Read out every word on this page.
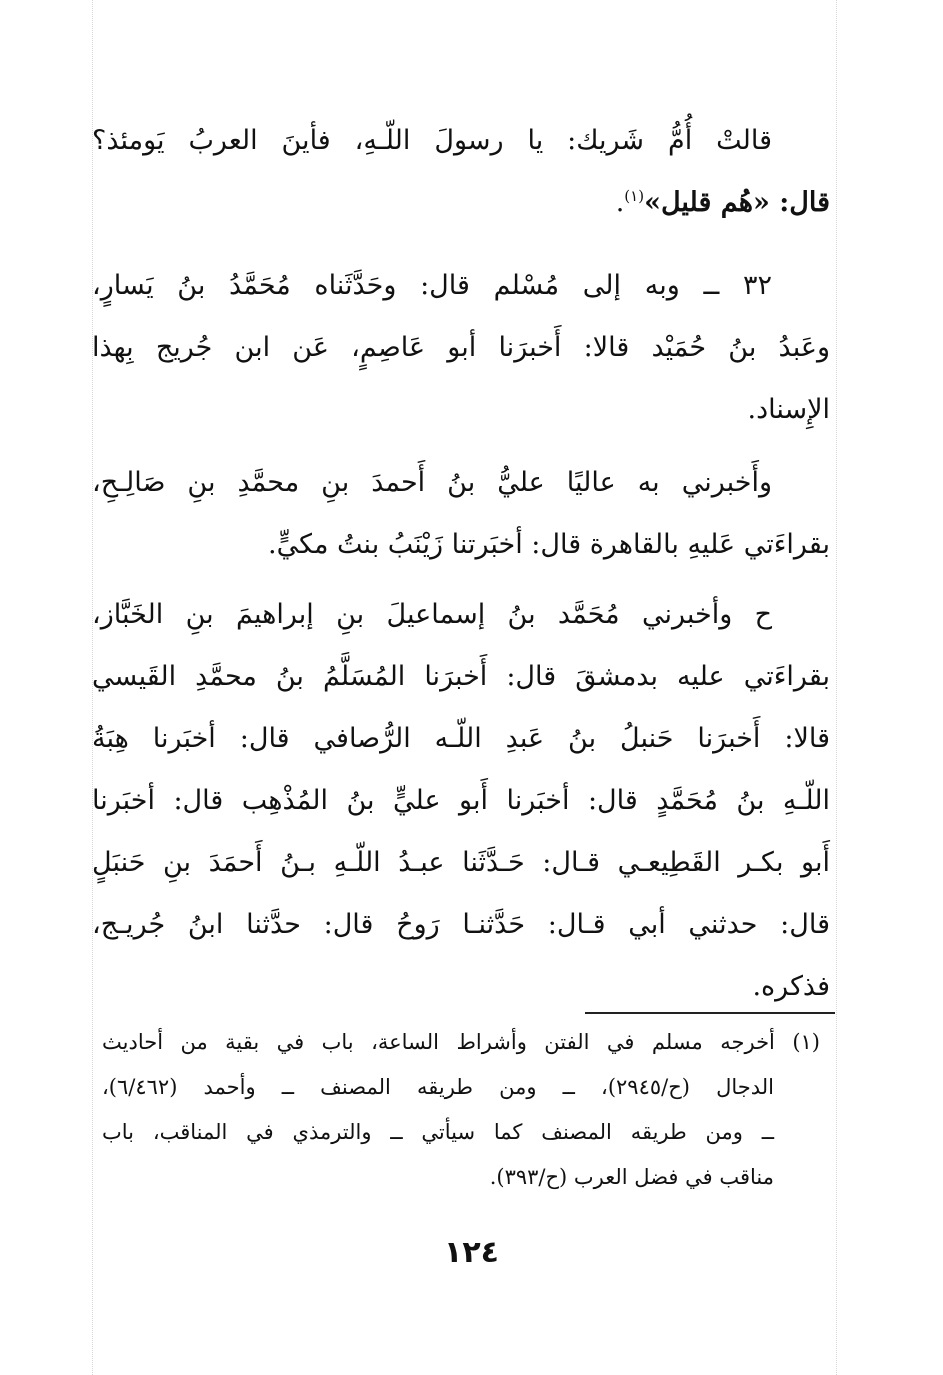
قالتْ أُمُّ شَريك: يا رسولَ اللّـهِ، فأينَ العربُ يَومئذ؟
قال: «هُم قليل»$^{(١)}$.
٣٢ ــ وبه إلى مُسْلم قال: وحَدَّثَناه مُحَمَّدُ بنُ يَسارٍ،
وعَبدُ بنُ حُمَيْد قالا: أَخبرَنا أبو عَاصِمٍ، عَن ابن جُريج بِهذا
الإِسناد.
وأَخبرني به عاليًا عليُّ بنُ أَحمدَ بنِ محمَّدِ بنِ صَالِـحِ،
بقراءَتي عَليهِ بالقاهرة قال: أخبَرتنا زَيْنَبُ بنتُ مكيٍّ.
ح وأخبرني مُحَمَّد بنُ إسماعيلَ بنِ إبراهيمَ بنِ الخَبَّاز،
بقراءَتي عليه بدمشقَ قال: أَخبرَنا المُسَلَّمُ بنُ محمَّدِ القَيسي
قالا: أَخبرَنا حَنبلُ بنُ عَبدِ اللّـه الرُّصافي قال: أخبَرنا هِبَةُ
اللّـهِ بنُ مُحَمَّدٍ قال: أخبَرنا أَبو عليٍّ بنُ المُذْهِب قال: أخبَرنا
أَبو بكـر القَطِيعـي قـال: حَـدَّثَنا عبـدُ اللّـهِ بـنُ أَحمَدَ بنِ حَنبَلٍ
قال: حدثني أبي قـال: حَدَّثنـا رَوحُ قال: حدَّثنا ابنُ جُريـج،
فذكره.
(١) أخرجه مسلم في الفتن وأشراط الساعة، باب في بقية من أحاديث
الدجال (ح/٢٩٤٥)، ــ ومن طريقه المصنف ــ وأحمد (٦/٤٦٢)،
ــ ومن طريقه المصنف كما سيأتي ــ والترمذي في المناقب، باب
مناقب في فضل العرب (ح/٣٩٣).
١٢٤
